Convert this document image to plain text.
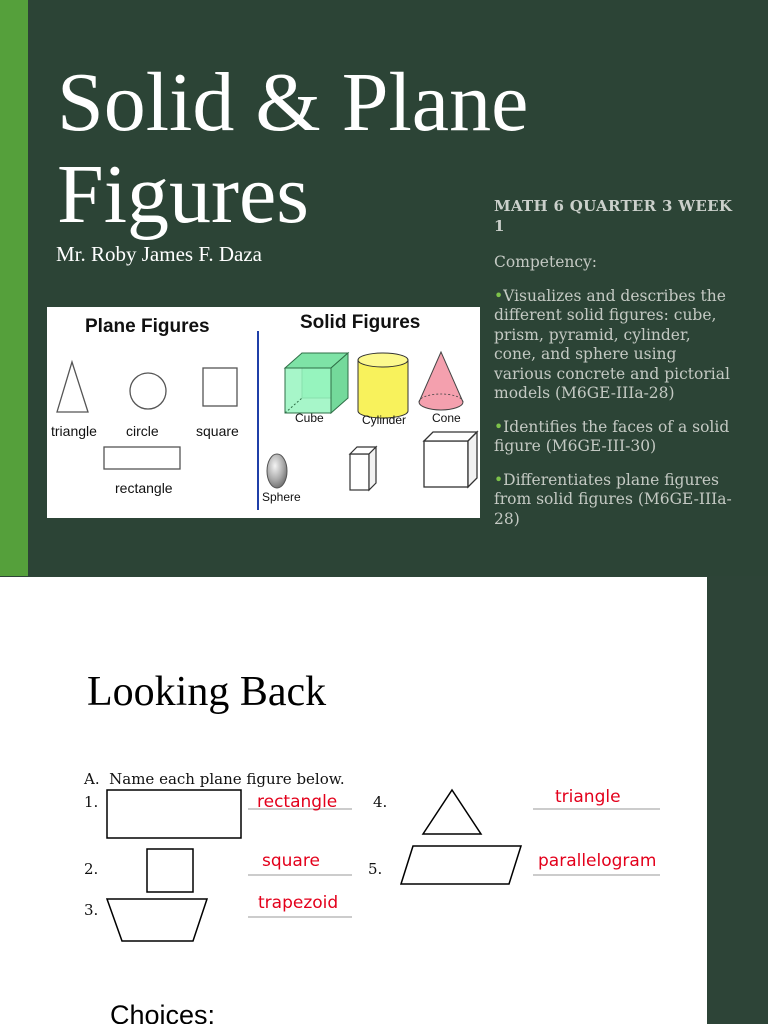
Solid & Plane
Figures
Mr. Roby James F. Daza
Plane Figures	Solid Figures
triangle circle	square
rectangle
Cube	Cylinder Cone
Sphere
MATH 6 QUARTER 3 WEEK 1
Competency:
• Visualizes and describes the different solid figures: cube, prism, pyramid, cylinder, cone, and sphere using various concrete and pictorial models (M6GE-IIIa-28)
• Identifies the faces of a solid figure (M6GE-III-30)
• Differentiates plane figures from solid figures (M6GE-IIIa-28)
Looking Back
A.  Name each plane figure below.
1.
2.
3.
4.
5.
rectangle
square
trapezoid
triangle
parallelogram
Choices:
